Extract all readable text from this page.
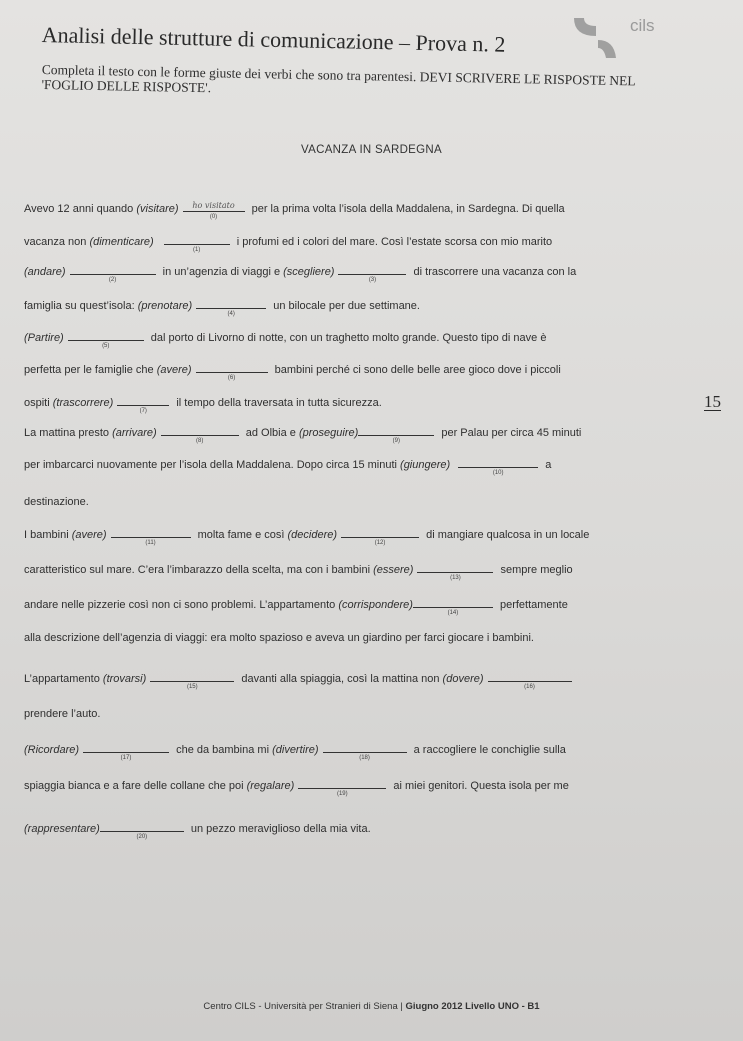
cils
Analisi delle strutture di comunicazione – Prova n. 2
Completa il testo con le forme giuste dei verbi che sono tra parentesi. DEVI SCRIVERE LE RISPOSTE NEL 'FOGLIO DELLE RISPOSTE'.
VACANZA IN SARDEGNA
15
Avevo 12 anni quando (visitare)	ho visitato
(0)
per la prima volta l’isola della Maddalena, in Sardegna. Di quella
vacanza non (dimenticare)
(1)
i profumi ed i colori del mare. Così l’estate scorsa con mio marito
(andare)
(2)
in un’agenzia di viaggi e (scegliere)
(3)
di trascorrere una vacanza con la
famiglia su quest’isola: (prenotare)
(4)
un bilocale per due settimane.
(Partire)
(5)
dal porto di Livorno di notte, con un traghetto molto grande. Questo tipo di nave è
perfetta per le famiglie che (avere)
(6)
bambini perché ci sono delle belle aree gioco dove i piccoli
ospiti (trascorrere)
(7)
il tempo della traversata in tutta sicurezza.
La mattina presto (arrivare)
(8)
ad Olbia e (proseguire)
(9)
per Palau per circa 45 minuti
per imbarcarci nuovamente per l’isola della Maddalena. Dopo circa 15 minuti (giungere)
(10)
a
destinazione.
I bambini (avere)
(11)
molta fame e così (decidere)
(12)
di mangiare qualcosa in un locale
caratteristico sul mare. C’era l’imbarazzo della scelta, ma con i bambini (essere)
(13)
sempre meglio
andare nelle pizzerie così non ci sono problemi. L’appartamento (corrispondere)
(14)
perfettamente
alla descrizione dell’agenzia di viaggi: era molto spazioso e aveva un giardino per farci giocare i bambini.
L’appartamento (trovarsi)
(15)
davanti alla spiaggia, così la mattina non (dovere)
(16)
prendere l’auto.
(Ricordare)
(17)
che da bambina mi (divertire)
(18)
a raccogliere le conchiglie sulla
spiaggia bianca e a fare delle collane che poi (regalare)
(19)
ai miei genitori. Questa isola per me
(rappresentare)
(20)
un pezzo meraviglioso della mia vita.
Centro CILS - Università per Stranieri di Siena | Giugno 2012 Livello UNO - B1
